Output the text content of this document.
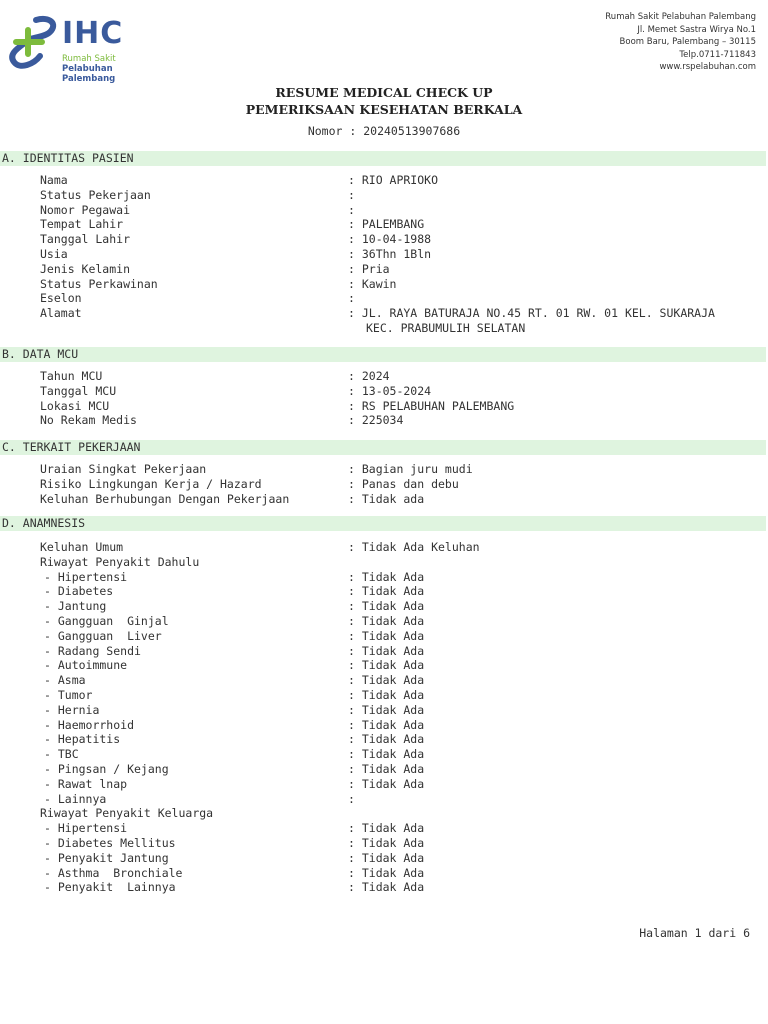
IHC
Rumah Sakit
Pelabuhan Palembang
Rumah Sakit Pelabuhan Palembang
Jl. Memet Sastra Wirya No.1
Boom Baru, Palembang – 30115
Telp.0711-711843
www.rspelabuhan.com
RESUME MEDICAL CHECK UP
PEMERIKSAAN KESEHATAN BERKALA
Nomor : 20240513907686
A. IDENTITAS PASIEN
Nama	: RIO APRIOKO
Status Pekerjaan	:
Nomor Pegawai	:
Tempat Lahir	: PALEMBANG
Tanggal Lahir	: 10-04-1988
Usia	: 36Thn 1Bln
Jenis Kelamin	: Pria
Status Perkawinan	: Kawin
Eselon	:
Alamat	: JL. RAYA BATURAJA NO.45 RT. 01 RW. 01 KEL. SUKARAJA
KEC. PRABUMULIH SELATAN
B. DATA MCU
Tahun MCU	: 2024
Tanggal MCU	: 13-05-2024
Lokasi MCU	: RS PELABUHAN PALEMBANG
No Rekam Medis	: 225034
C. TERKAIT PEKERJAAN
Uraian Singkat Pekerjaan	: Bagian juru mudi
Risiko Lingkungan Kerja / Hazard	: Panas dan debu
Keluhan Berhubungan Dengan Pekerjaan	: Tidak ada
D. ANAMNESIS
Keluhan Umum	: Tidak Ada Keluhan
Riwayat Penyakit Dahulu
- Hipertensi	: Tidak Ada
- Diabetes	: Tidak Ada
- Jantung	: Tidak Ada
- Gangguan  Ginjal	: Tidak Ada
- Gangguan  Liver	: Tidak Ada
- Radang Sendi	: Tidak Ada
- Autoimmune	: Tidak Ada
- Asma	: Tidak Ada
- Tumor	: Tidak Ada
- Hernia	: Tidak Ada
- Haemorrhoid	: Tidak Ada
- Hepatitis	: Tidak Ada
- TBC	: Tidak Ada
- Pingsan / Kejang	: Tidak Ada
- Rawat lnap	: Tidak Ada
- Lainnya	:
Riwayat Penyakit Keluarga
- Hipertensi	: Tidak Ada
- Diabetes Mellitus	: Tidak Ada
- Penyakit Jantung	: Tidak Ada
- Asthma  Bronchiale	: Tidak Ada
- Penyakit  Lainnya	: Tidak Ada
Halaman 1 dari 6
